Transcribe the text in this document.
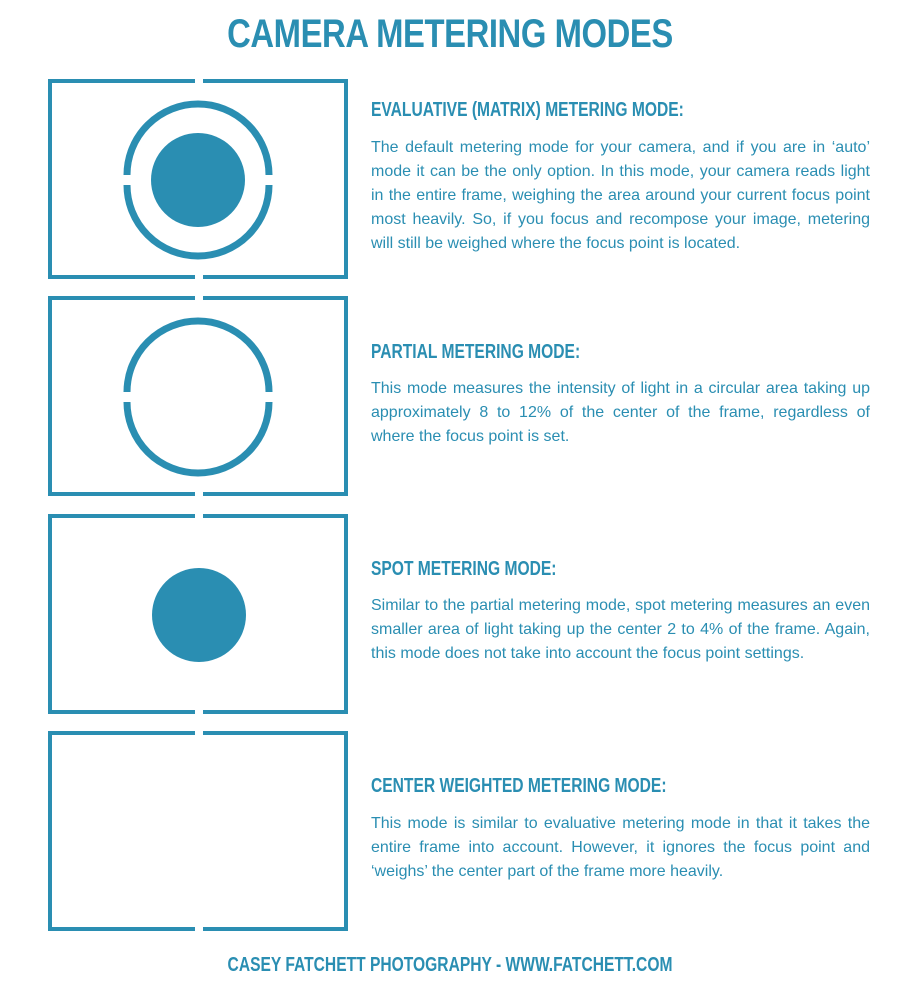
CAMERA METERING MODES
EVALUATIVE (MATRIX) METERING MODE:
The default metering mode for your camera, and if you are in ‘auto’ mode it can be the only option. In this mode, your camera reads light in the entire frame, weighing the area around your current focus point most heavily. So, if you focus and recompose your image, metering will still be weighed where the focus point is located.
PARTIAL METERING MODE:
This mode measures the intensity of light in a circular area taking up approximately 8 to 12% of the center of the frame, regardless of where the focus point is set.
SPOT METERING MODE:
Similar to the partial metering mode, spot metering measures an even smaller area of light taking up the center 2 to 4% of the frame. Again, this mode does not take into account the focus point settings.
CENTER WEIGHTED METERING MODE:
This mode is similar to evaluative metering mode in that it takes the entire frame into account. However, it ignores the focus point and ‘weighs’ the center part of the frame more heavily.
CASEY FATCHETT PHOTOGRAPHY - WWW.FATCHETT.COM
